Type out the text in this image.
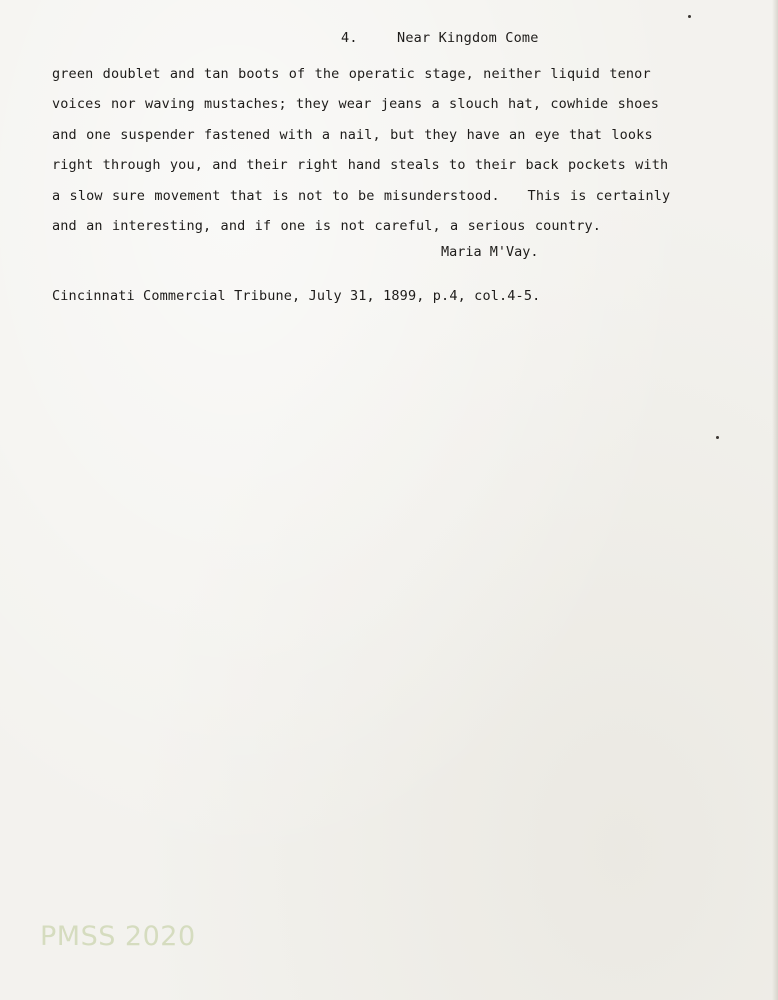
4.	Near Kingdom Come
green doublet and tan boots of the operatic stage, neither liquid tenor
voices nor waving mustaches; they wear jeans a slouch hat, cowhide shoes
and one suspender fastened with a nail, but they have an eye that looks
right through you, and their right hand steals to their back pockets with
a slow sure movement that is not to be misunderstood.   This is certainly
and an interesting, and if one is not careful, a serious country.
Maria M'Vay.
Cincinnati Commercial Tribune, July 31, 1899, p.4, col.4-5.
PMSS 2020
